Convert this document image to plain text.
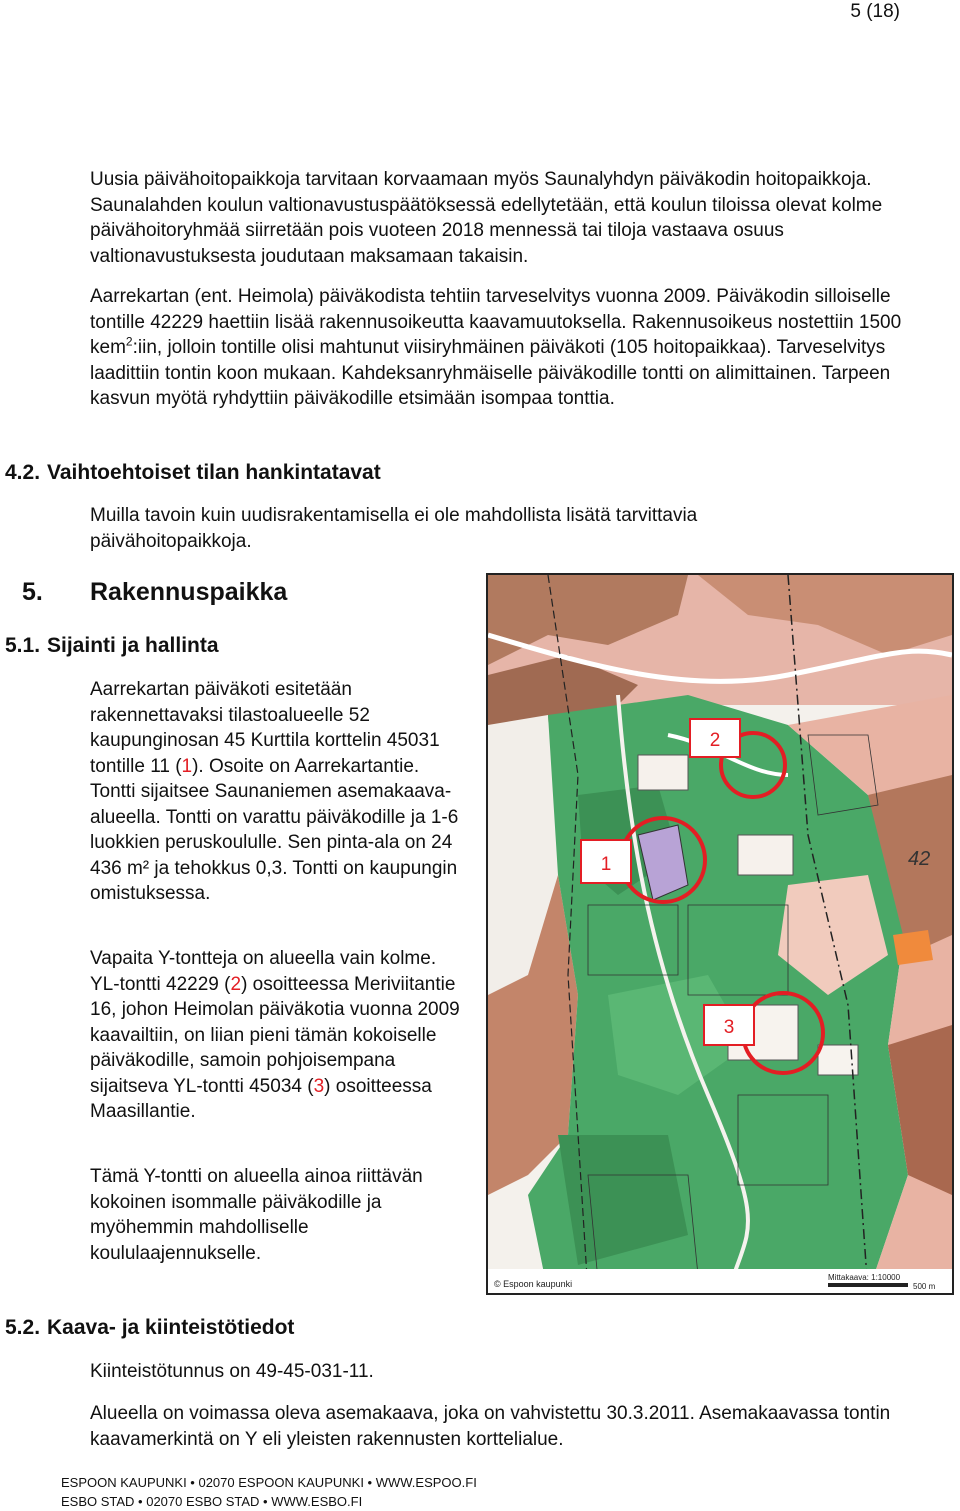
5 (18)

Uusia päivähoitopaikkoja tarvitaan korvaamaan myös Saunalyhdyn päiväkodin hoitopaikkoja. Saunalahden koulun valtionavustuspäätöksessä edellytetään, että koulun tiloissa olevat kolme päivähoitoryhmää siirretään pois vuoteen 2018 mennessä tai tiloja vastaava osuus valtionavustuksesta joudutaan maksamaan takaisin.

Aarrekartan (ent. Heimola) päiväkodista tehtiin tarveselvitys vuonna 2009. Päiväkodin silloiselle tontille 42229 haettiin lisää rakennusoikeutta kaavamuutoksella. Rakennusoikeus nostettiin 1500 kem$^2$:iin, jolloin tontille olisi mahtunut viisiryhmäinen päiväkoti (105 hoitopaikkaa). Tarveselvitys laadittiin tontin koon mukaan. Kahdeksanryhmäiselle päiväkodille tontti on alimittainen. Tarpeen kasvun myötä ryhdyttiin päiväkodille etsimään isompaa tonttia.

4.2. Vaihtoehtoiset tilan hankintatavat

Muilla tavoin kuin uudisrakentamisella ei ole mahdollista lisätä tarvittavia päivähoitopaikkoja.

5. Rakennuspaikka
5.1. Sijainti ja hallinta

Aarrekartan päiväkoti esitetään rakennettavaksi tilastoalueelle 52 kaupunginosan 45 Kurttila korttelin 45031 tontille 11 (1). Osoite on Aarrekartantie. Tontti sijaitsee Saunaniemen asemakaava-alueella. Tontti on varattu päiväkodille ja 1-6 luokkien peruskoululle. Sen pinta-ala on 24 436 m² ja tehokkus 0,3. Tontti on kaupungin omistuksessa.

Vapaita Y-tontteja on alueella vain kolme. YL-tontti 42229 (2) osoitteessa Meriviitantie 16, johon Heimolan päiväkotia vuonna 2009 kaavailtiin, on liian pieni tämän kokoiselle päiväkodille, samoin pohjoisempana sijaitseva YL-tontti 45034 (3) osoitteessa Maasillantie.

Tämä Y-tontti on alueella ainoa riittävän kokoinen isommalle päiväkodille ja myöhemmin mahdolliselle koululaajennukselle.

42
2
1
3
© Espoon kaupunki
Mittakaava: 1:10000
500 m
5.2. Kaava- ja kiinteistötiedot

Kiinteistötunnus on 49-45-031-11.

Alueella on voimassa oleva asemakaava, joka on vahvistettu 30.3.2011. Asemakaavassa tontin kaavamerkintä on Y eli yleisten rakennusten korttelialue.

ESPOON KAUPUNKI • 02070 ESPOON KAUPUNKI • WWW.ESPOO.FI
ESBO STAD • 02070 ESBO STAD • WWW.ESBO.FI
